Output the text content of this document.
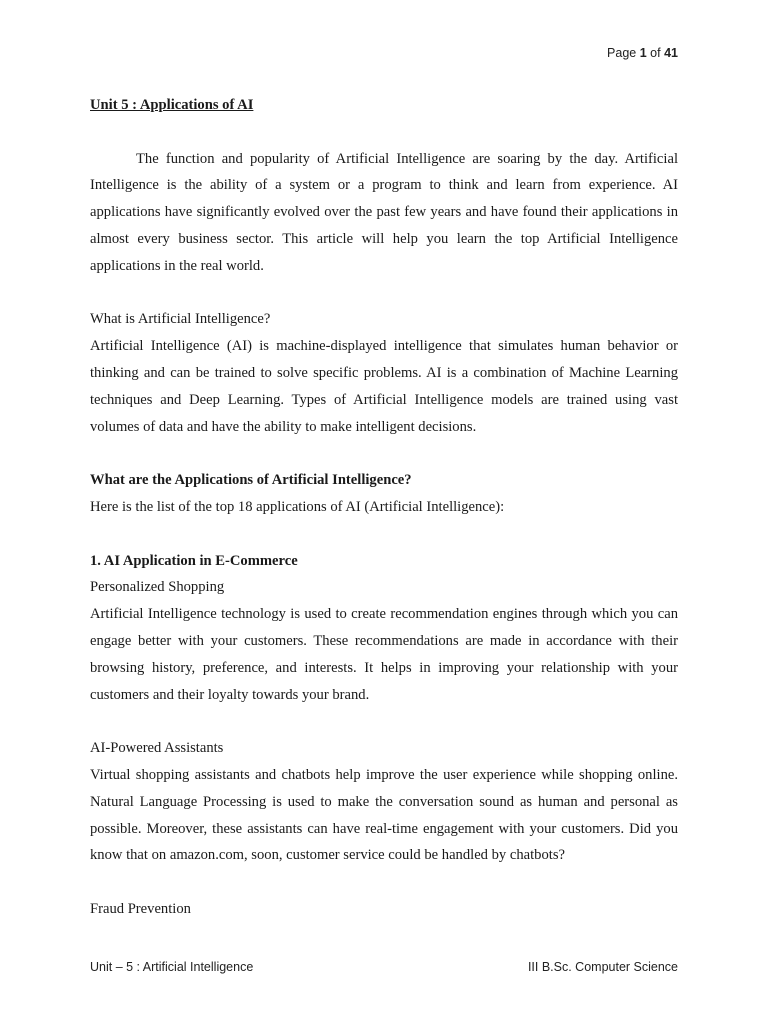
Page 1 of 41
Unit 5 : Applications of AI

The function and popularity of Artificial Intelligence are soaring by the day. Artificial Intelligence is the ability of a system or a program to think and learn from experience. AI applications have significantly evolved over the past few years and have found their applications in almost every business sector. This article will help you learn the top Artificial Intelligence applications in the real world.

What is Artificial Intelligence?

Artificial Intelligence (AI) is machine-displayed intelligence that simulates human behavior or thinking and can be trained to solve specific problems. AI is a combination of Machine Learning techniques and Deep Learning. Types of Artificial Intelligence models are trained using vast volumes of data and have the ability to make intelligent decisions.

What are the Applications of Artificial Intelligence?

Here is the list of the top 18 applications of AI (Artificial Intelligence):

1. AI Application in E-Commerce

Personalized Shopping

Artificial Intelligence technology is used to create recommendation engines through which you can engage better with your customers. These recommendations are made in accordance with their browsing history, preference, and interests. It helps in improving your relationship with your customers and their loyalty towards your brand.

AI-Powered Assistants

Virtual shopping assistants and chatbots help improve the user experience while shopping online. Natural Language Processing is used to make the conversation sound as human and personal as possible. Moreover, these assistants can have real-time engagement with your customers. Did you know that on amazon.com, soon, customer service could be handled by chatbots?

Fraud Prevention

Unit – 5 : Artificial Intelligence	III B.Sc. Computer Science
